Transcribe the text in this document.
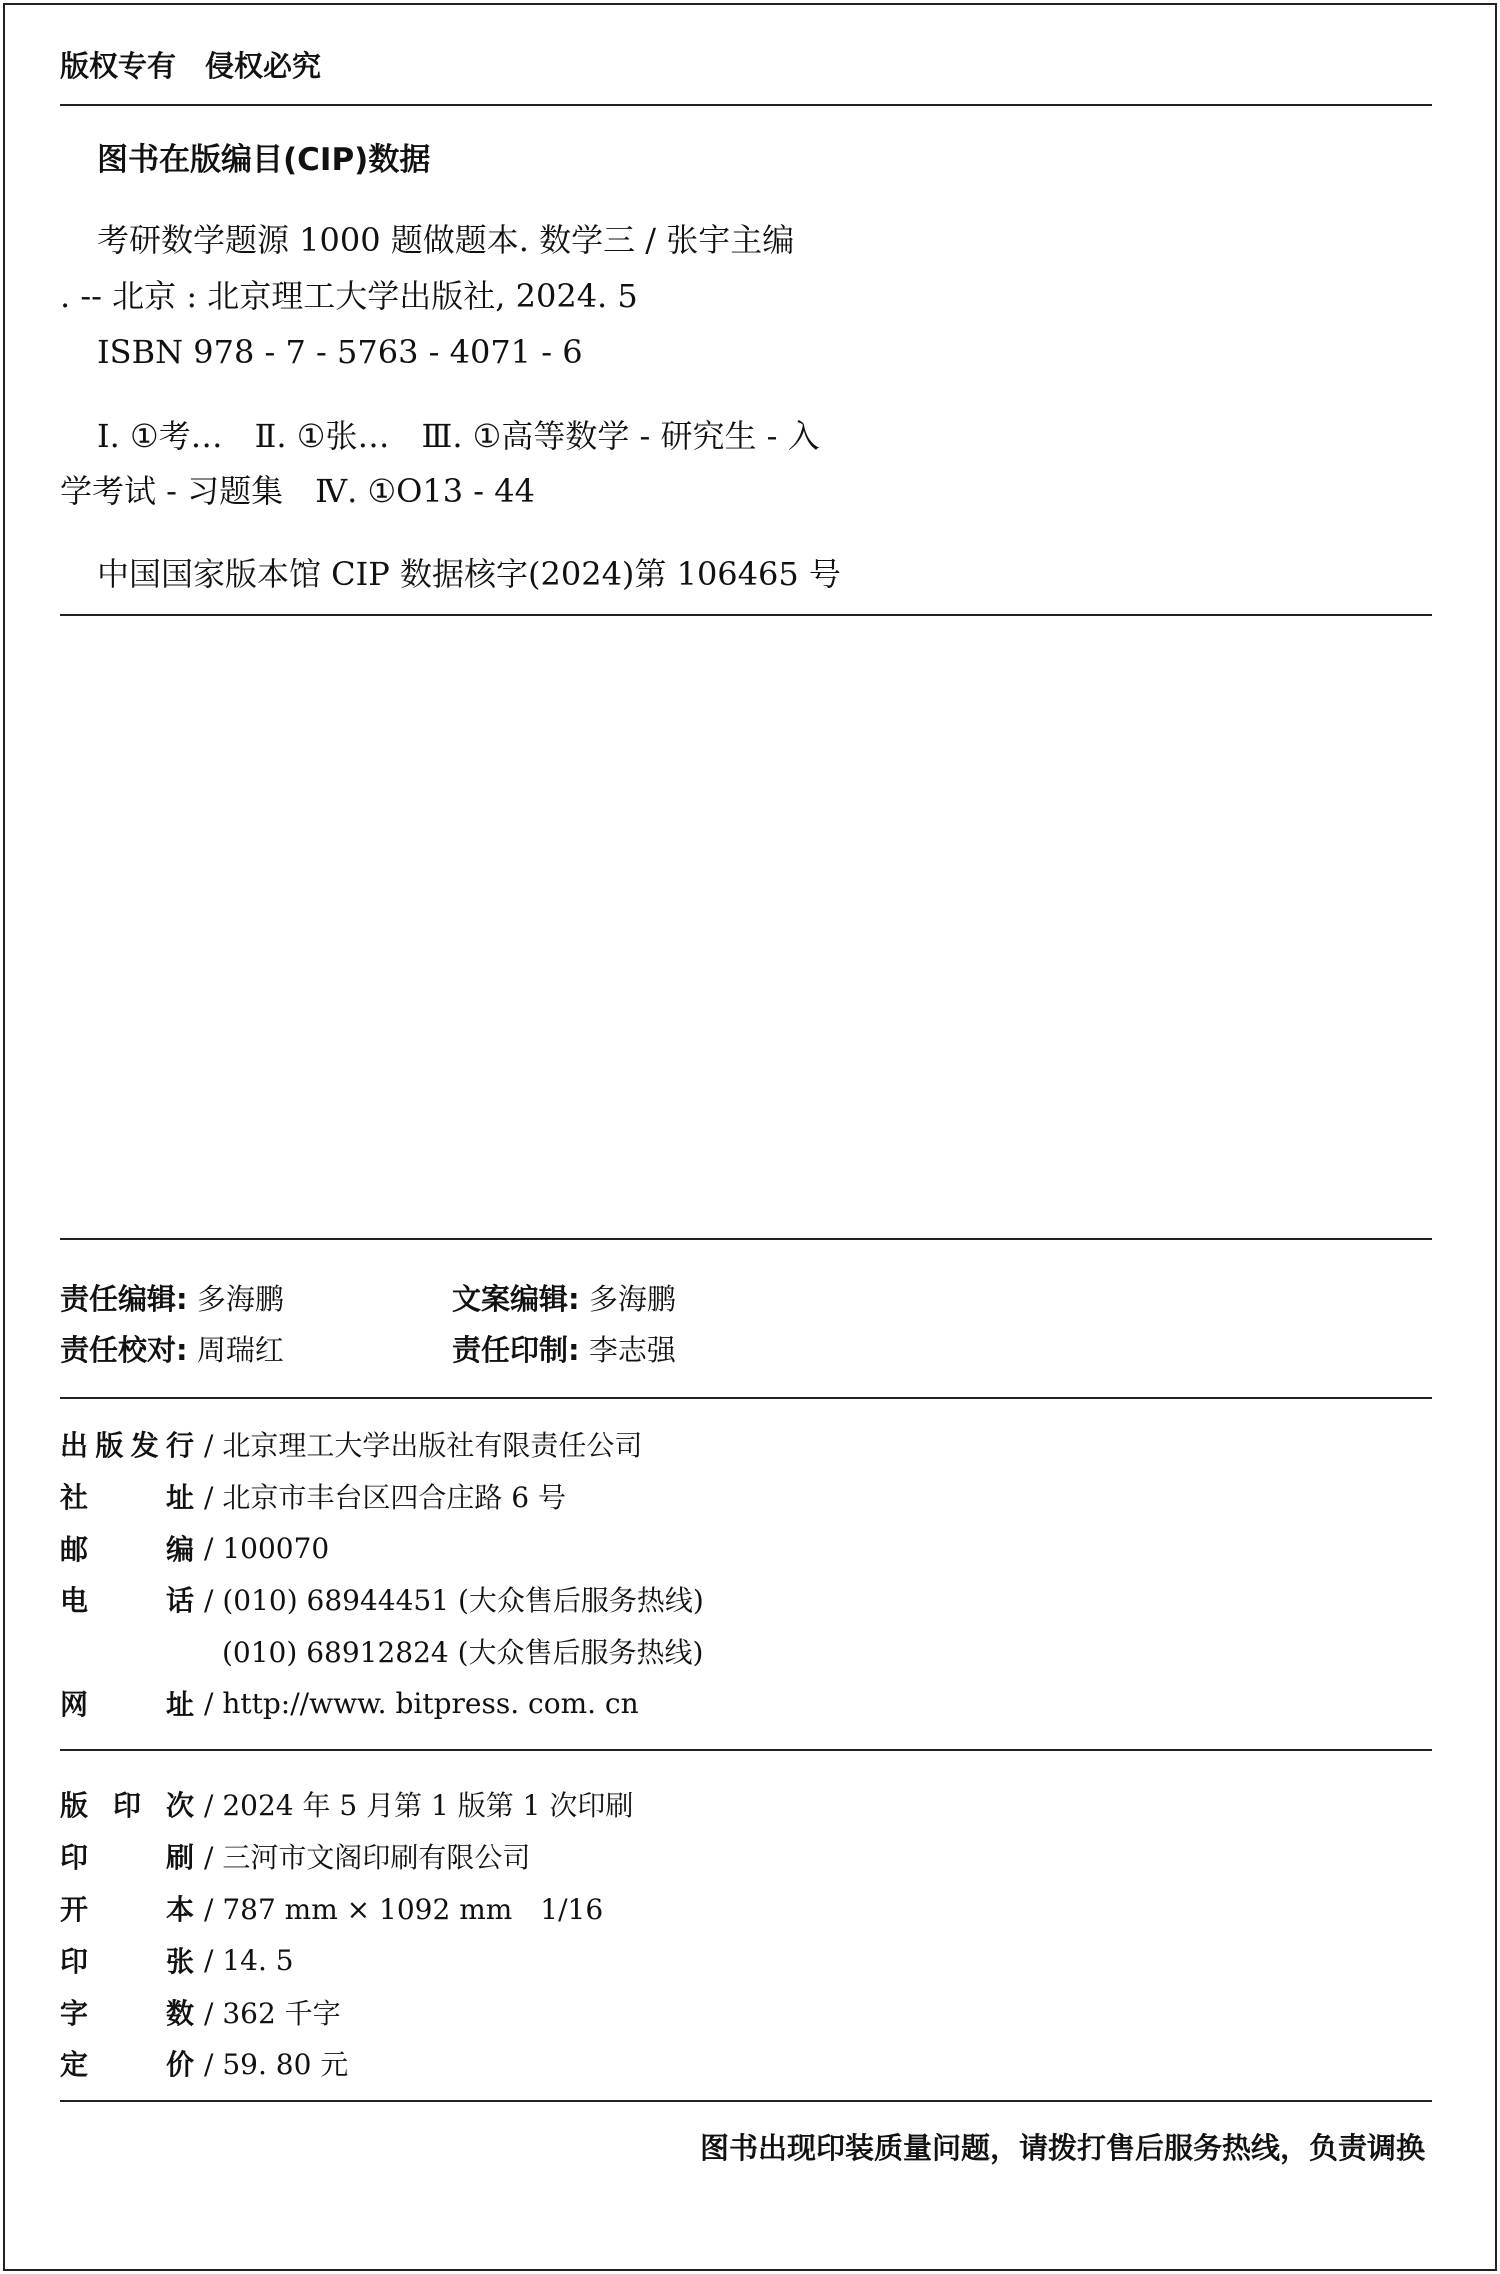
版权专有　侵权必究
图书在版编目(CIP)数据
考研数学题源 1000 题做题本. 数学三 / 张宇主编
. -- 北京 : 北京理工大学出版社, 2024. 5
ISBN 978 - 7 - 5763 - 4071 - 6
Ⅰ. ①考…　Ⅱ. ①张…　Ⅲ. ①高等数学 - 研究生 - 入
学考试 - 习题集　Ⅳ. ①O13 - 44
中国国家版本馆 CIP 数据核字(2024)第 106465 号
责任编辑: 多海鹏	文案编辑: 多海鹏
责任校对: 周瑞红	责任印制: 李志强
出 版 发 行 / 北京理工大学出版社有限责任公司
社	址 / 北京市丰台区四合庄路 6 号
邮	编 / 100070
电	话 / (010) 68944451 (大众售后服务热线)
(010) 68912824 (大众售后服务热线)
网	址 / http://www. bitpress. com. cn
版 印 次 / 2024 年 5 月第 1 版第 1 次印刷
印	刷 / 三河市文阁印刷有限公司
开	本 / 787 mm × 1092 mm　1/16
印	张 / 14. 5
字	数 / 362 千字
定	价 / 59. 80 元
图书出现印装质量问题，请拨打售后服务热线，负责调换
